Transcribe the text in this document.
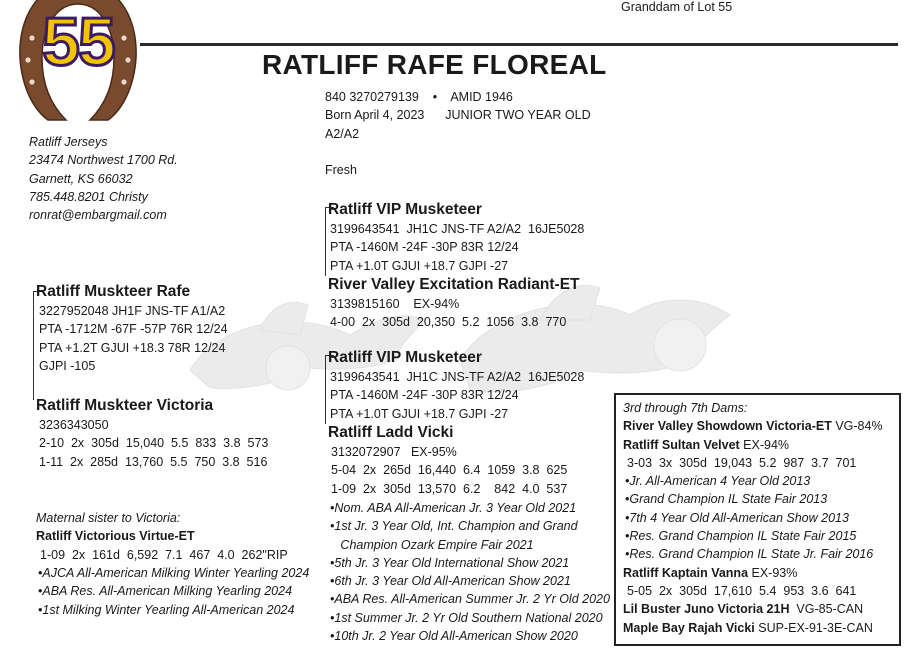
55	Granddam of Lot 55
RATLIFF RAFE FLOREAL
840 3270279139    •    AMID 1946
Born April 4, 2023      JUNIOR TWO YEAR OLD
A2/A2
Fresh
Ratliff Jerseys
23474 Northwest 1700 Rd.
Garnett, KS 66032
785.448.8201 Christy
ronrat@embargmail.com
Ratliff Muskteer Rafe
3227952048 JH1F JNS-TF A1/A2
PTA -1712M -67F -57P 76R 12/24
PTA +1.2T GJUI +18.3 78R 12/24
GJPI -105
Ratliff Muskteer Victoria
3236343050
2-10  2x  305d  15,040  5.5  833  3.8  573
1-11  2x  285d  13,760  5.5  750  3.8  516
Maternal sister to Victoria:
Ratliff Victorious Virtue-ET
1-09  2x  161d  6,592  7.1  467  4.0  262"RIP
•AJCA All-American Milking Winter Yearling 2024
•ABA Res. All-American Milking Yearling 2024
•1st Milking Winter Yearling All-American 2024
Ratliff VIP Musketeer
3199643541  JH1C JNS-TF A2/A2  16JE5028
PTA -1460M -24F -30P 83R 12/24
PTA +1.0T GJUI +18.7 GJPI -27
River Valley Excitation Radiant-ET
3139815160    EX-94%
4-00  2x  305d  20,350  5.2  1056  3.8  770
Ratliff VIP Musketeer
3199643541  JH1C JNS-TF A2/A2  16JE5028
PTA -1460M -24F -30P 83R 12/24
PTA +1.0T GJUI +18.7 GJPI -27
Ratliff Ladd Vicki
3132072907   EX-95%
5-04  2x  265d  16,440  6.4  1059  3.8  625
1-09  2x  305d  13,570  6.2    842  4.0  537
•Nom. ABA All-American Jr. 3 Year Old 2021
•1st Jr. 3 Year Old, Int. Champion and Grand
Champion Ozark Empire Fair 2021
•5th Jr. 3 Year Old International Show 2021
•6th Jr. 3 Year Old All-American Show 2021
•ABA Res. All-American Summer Jr. 2 Yr Old 2020
•1st Summer Jr. 2 Yr Old Southern National 2020
•10th Jr. 2 Year Old All-American Show 2020
3rd through 7th Dams:
River Valley Showdown Victoria-ET VG-84%
Ratliff Sultan Velvet EX-94%
3-03  3x  305d  19,043  5.2  987  3.7  701
•Jr. All-American 4 Year Old 2013
•Grand Champion IL State Fair 2013
•7th 4 Year Old All-American Show 2013
•Res. Grand Champion IL State Fair 2015
•Res. Grand Champion IL State Jr. Fair 2016
Ratliff Kaptain Vanna EX-93%
5-05  2x  305d  17,610  5.4  953  3.6  641
Lil Buster Juno Victoria 21H  VG-85-CAN
Maple Bay Rajah Vicki SUP-EX-91-3E-CAN
